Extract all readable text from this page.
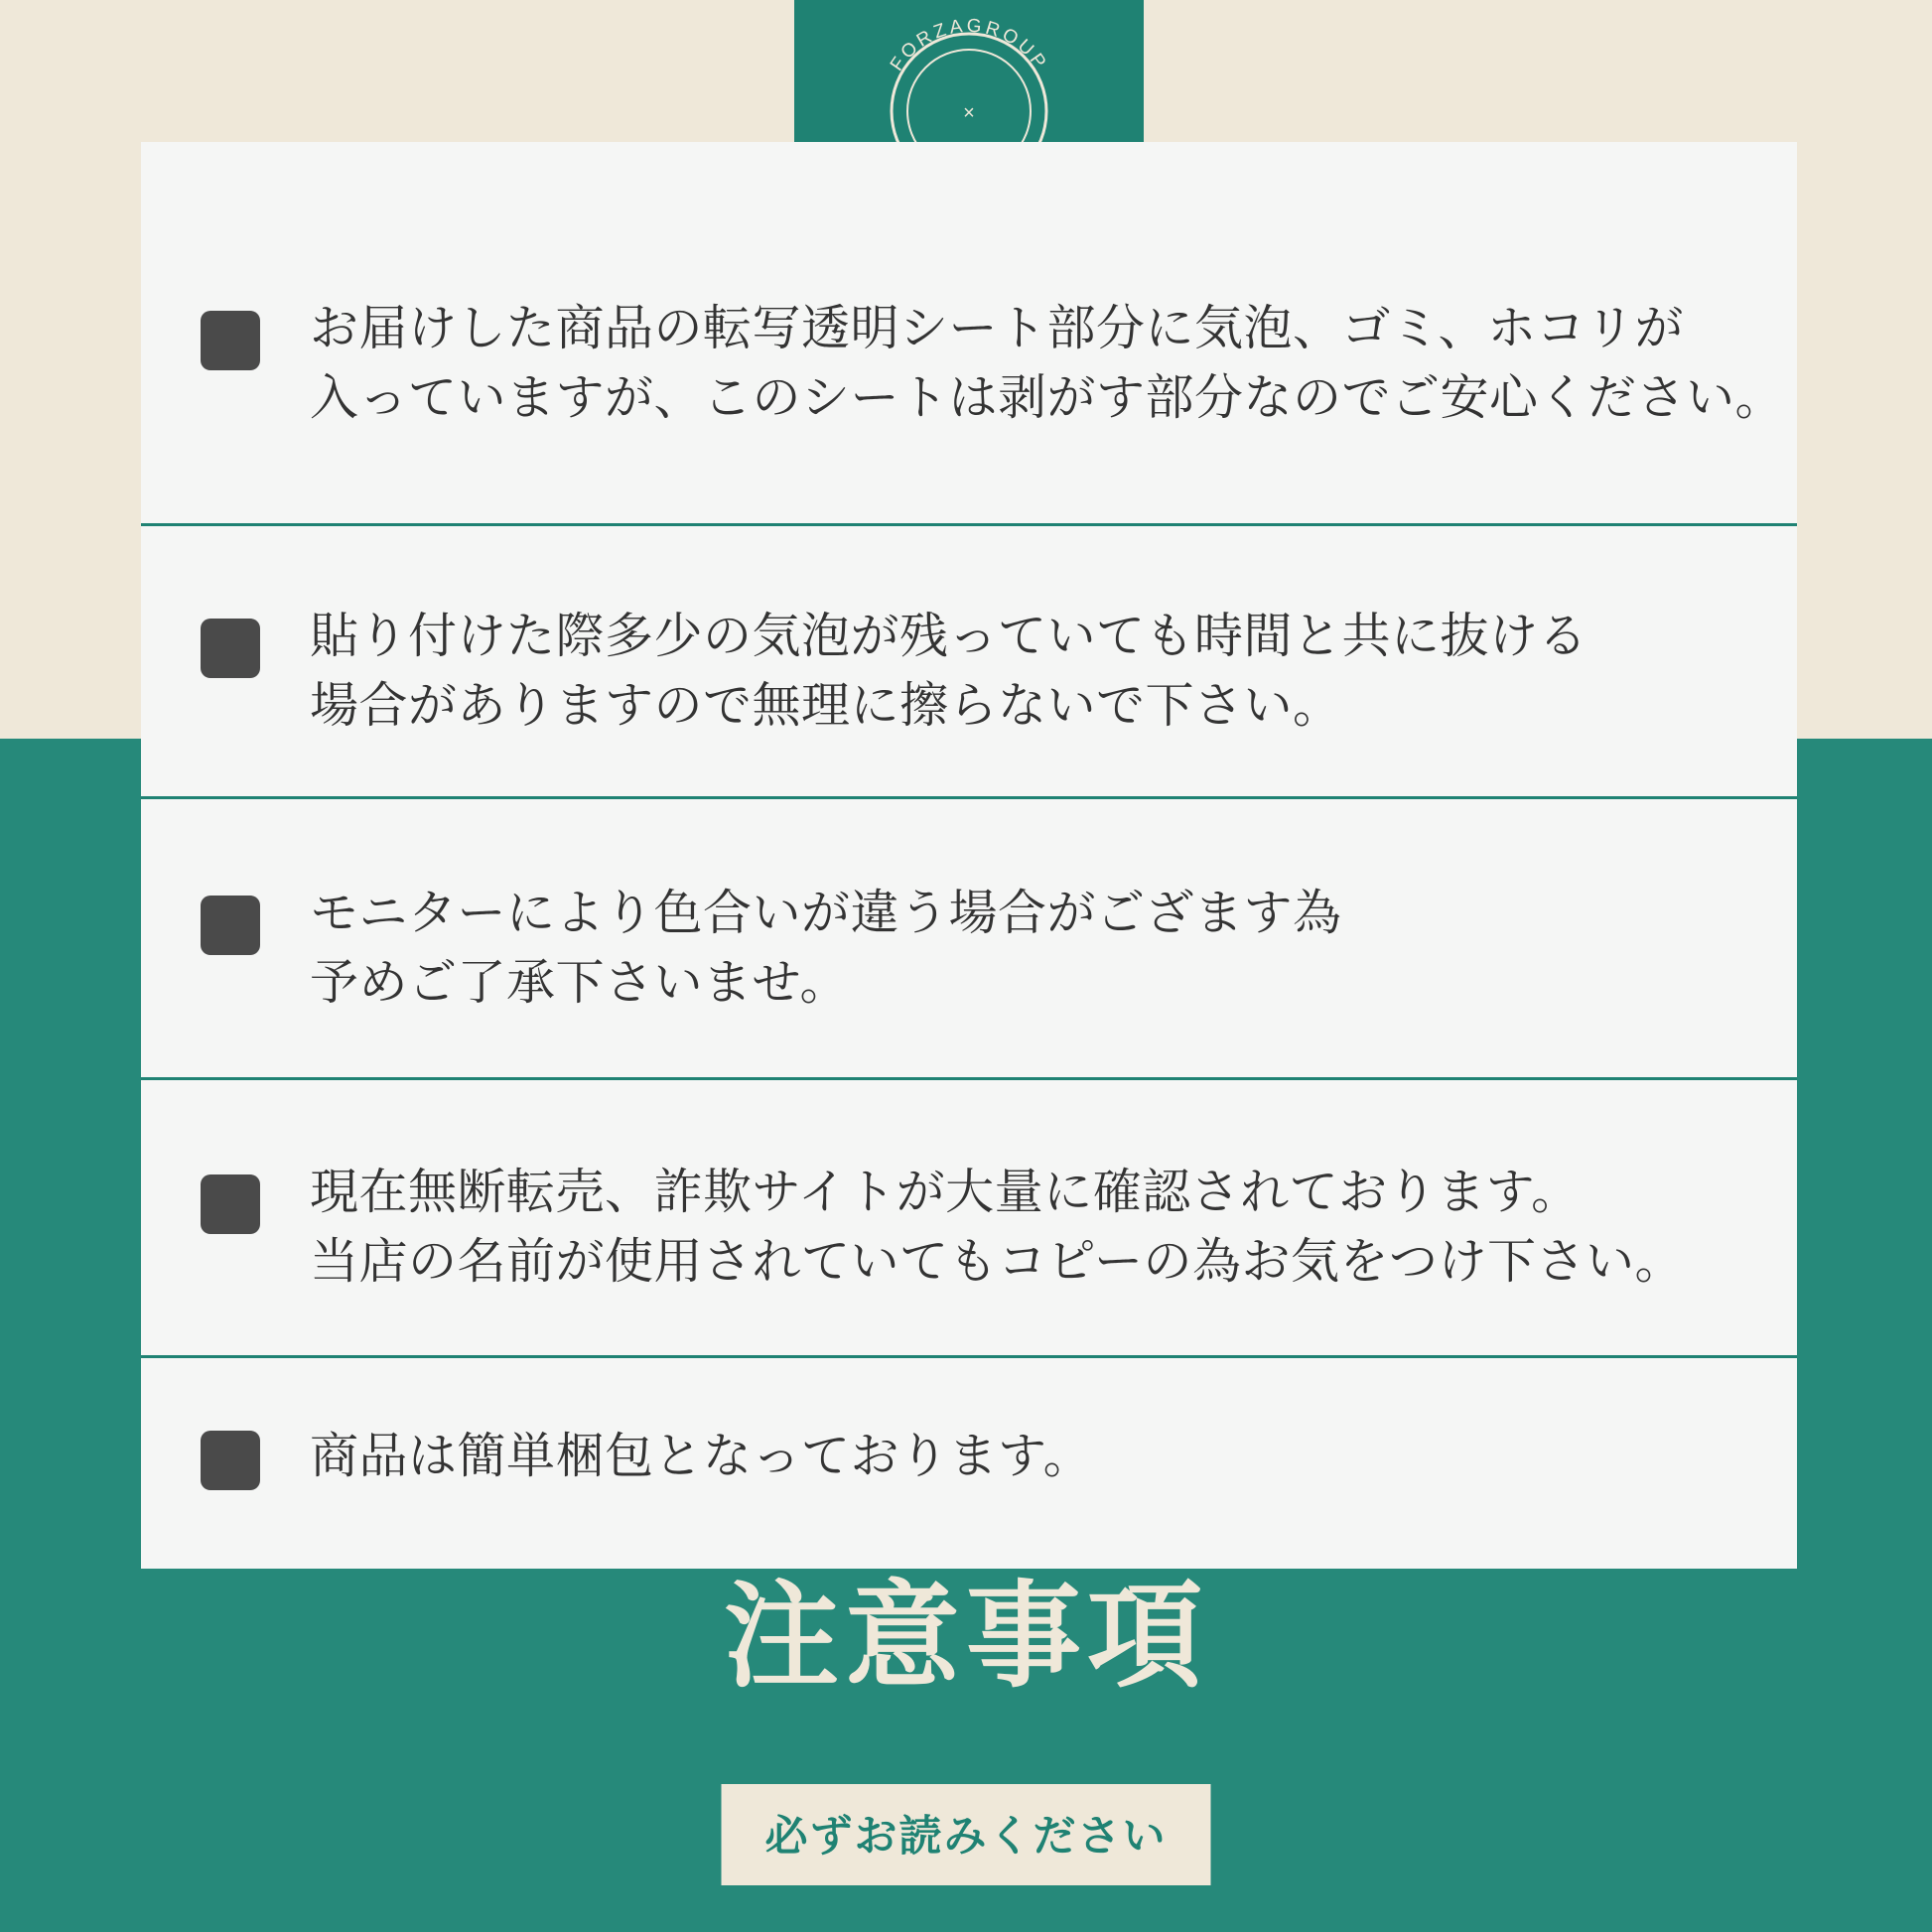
FORZAGROUP
×
お届けした商品の転写透明シート部分に気泡、ゴミ、ホコリが
入っていますが、このシートは剥がす部分なのでご安心ください。
貼り付けた際多少の気泡が残っていても時間と共に抜ける
場合がありますので無理に擦らないで下さい。
モニターにより色合いが違う場合がござます為
予めご了承下さいませ。
現在無断転売、詐欺サイトが大量に確認されております。
当店の名前が使用されていてもコピーの為お気をつけ下さい。
商品は簡単梱包となっております。
注意事項
必ずお読みください
